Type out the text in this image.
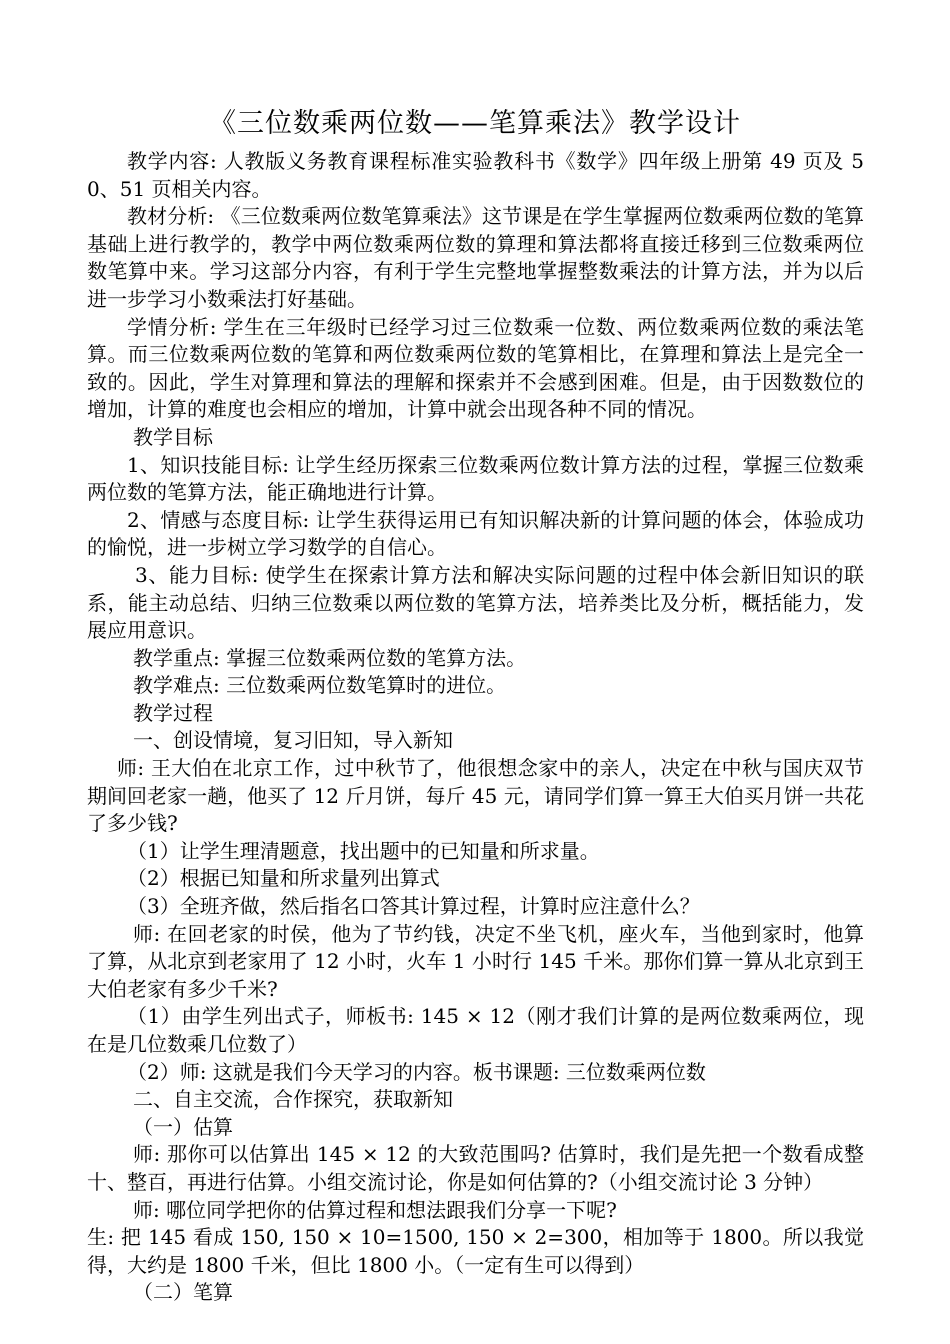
《三位数乘两位数——笔算乘法》教学设计

教学内容: 人教版义务教育课程标准实验教科书《数学》四年级上册第 49 页及 50、51 页相关内容。

教材分析: 《三位数乘两位数笔算乘法》这节课是在学生掌握两位数乘两位数的笔算基础上进行教学的，教学中两位数乘两位数的算理和算法都将直接迁移到三位数乘两位数笔算中来。学习这部分内容，有利于学生完整地掌握整数乘法的计算方法，并为以后进一步学习小数乘法打好基础。

学情分析: 学生在三年级时已经学习过三位数乘一位数、两位数乘两位数的乘法笔算。而三位数乘两位数的笔算和两位数乘两位数的笔算相比，在算理和算法上是完全一致的。因此，学生对算理和算法的理解和探索并不会感到困难。但是，由于因数数位的增加，计算的难度也会相应的增加，计算中就会出现各种不同的情况。

教学目标

1、知识技能目标: 让学生经历探索三位数乘两位数计算方法的过程，掌握三位数乘两位数的笔算方法，能正确地进行计算。

2、情感与态度目标: 让学生获得运用已有知识解决新的计算问题的体会，体验成功的愉悦，进一步树立学习数学的自信心。

3、能力目标: 使学生在探索计算方法和解决实际问题的过程中体会新旧知识的联系，能主动总结、归纳三位数乘以两位数的笔算方法，培养类比及分析，概括能力，发展应用意识。

教学重点: 掌握三位数乘两位数的笔算方法。

教学难点: 三位数乘两位数笔算时的进位。

教学过程

一、创设情境，复习旧知，导入新知

师: 王大伯在北京工作，过中秋节了，他很想念家中的亲人，决定在中秋与国庆双节期间回老家一趟，他买了 12 斤月饼，每斤 45 元，请同学们算一算王大伯买月饼一共花了多少钱?

（1）让学生理清题意，找出题中的已知量和所求量。

（2）根据已知量和所求量列出算式

（3）全班齐做，然后指名口答其计算过程，计算时应注意什么？

师: 在回老家的时侯，他为了节约钱，决定不坐飞机，座火车，当他到家时，他算了算，从北京到老家用了 12 小时，火车 1 小时行 145 千米。那你们算一算从北京到王大伯老家有多少千米?

（1）由学生列出式子，师板书: 145 × 12（刚才我们计算的是两位数乘两位，现在是几位数乘几位数了）

（2）师: 这就是我们今天学习的内容。板书课题: 三位数乘两位数

二、自主交流，合作探究，获取新知

（一）估算

师: 那你可以估算出 145 × 12 的大致范围吗? 估算时，我们是先把一个数看成整十、整百，再进行估算。小组交流讨论，你是如何估算的?（小组交流讨论 3 分钟）

师: 哪位同学把你的估算过程和想法跟我们分享一下呢?

生: 把 145 看成 150, 150 × 10=1500, 150 × 2=300，相加等于 1800。所以我觉得，大约是 1800 千米，但比 1800 小。（一定有生可以得到）

（二）笔算
